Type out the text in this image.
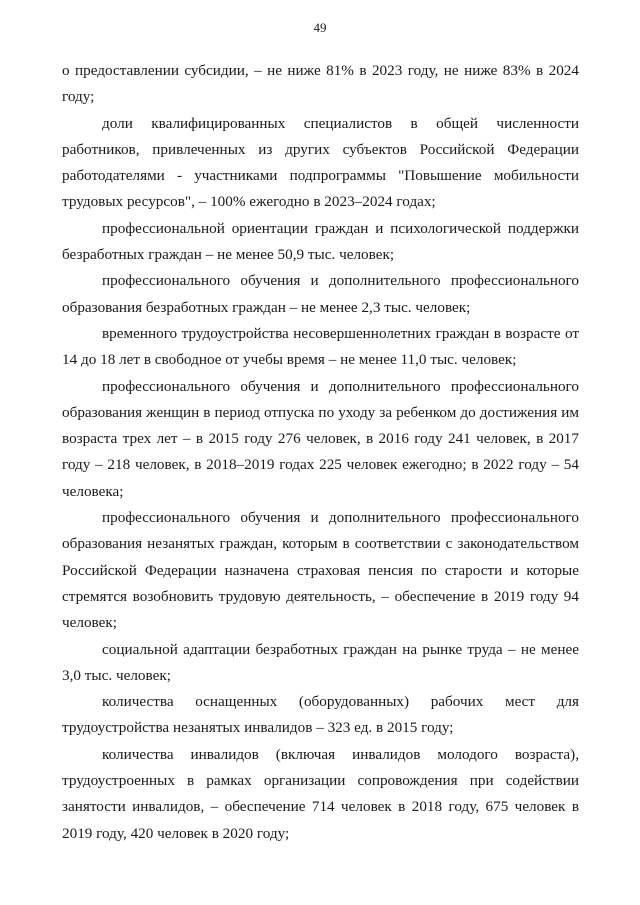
49

о предоставлении субсидии, – не ниже 81% в 2023 году, не ниже 83% в 2024 году;

доли квалифицированных специалистов в общей численности работников, привлеченных из других субъектов Российской Федерации работодателями - участниками подпрограммы "Повышение мобильности трудовых ресурсов", – 100% ежегодно в 2023–2024 годах;

профессиональной ориентации граждан и психологической поддержки безработных граждан – не менее 50,9 тыс. человек;

профессионального обучения и дополнительного профессионального образования безработных граждан – не менее 2,3 тыс. человек;

временного трудоустройства несовершеннолетних граждан в возрасте от 14 до 18 лет в свободное от учебы время – не менее 11,0 тыс. человек;

профессионального обучения и дополнительного профессионального образования женщин в период отпуска по уходу за ребенком до достижения им возраста трех лет – в 2015 году 276 человек, в 2016 году 241 человек, в 2017 году – 218 человек, в 2018–2019 годах 225 человек ежегодно; в 2022 году – 54 человека;

профессионального обучения и дополнительного профессионального образования незанятых граждан, которым в соответствии с законодательством Российской Федерации назначена страховая пенсия по старости и которые стремятся возобновить трудовую деятельность, – обеспечение в 2019 году 94 человек;

социальной адаптации безработных граждан на рынке труда – не менее 3,0 тыс. человек;

количества оснащенных (оборудованных) рабочих мест для трудоустройства незанятых инвалидов – 323 ед. в 2015 году;

количества инвалидов (включая инвалидов молодого возраста), трудоустроенных в рамках организации сопровождения при содействии занятости инвалидов, – обеспечение 714 человек в 2018 году, 675 человек в 2019 году, 420 человек в 2020 году;
